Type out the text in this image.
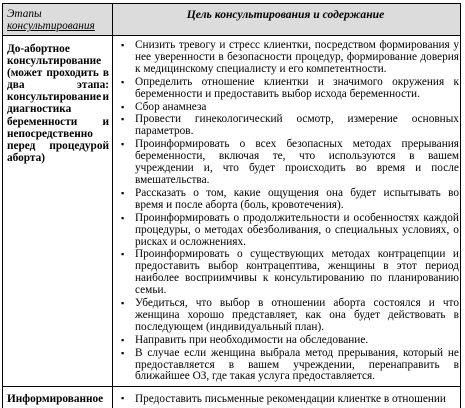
Этапы
консультирования
Цель консультирования и содержание
До-абортное
консультирование
(может проходить в
два	этапа:
консультирование и
диагностика
беременности и
непосредственно
перед процедурой
аборта)
▪ Снизить тревогу и стресс клиентки, посредством формирования у
нее уверенности в безопасности процедур, формирование доверия
к медицинскому специалисту и его компетентности.
▪ Определить отношение клиентки и значимого окружения к
беременности и предоставить выбор исхода беременности.
▪ Сбор анамнеза
▪ Провести гинекологический осмотр, измерение основных
параметров.
▪ Проинформировать о всех безопасных методах прерывания
беременности, включая те, что используются в вашем
учреждении и, что будет происходить во время и после
вмешательства.
▪ Рассказать о том, какие ощущения она будет испытывать во
время и после аборта (боль, кровотечения).
▪ Проинформировать о продолжительности и особенностях каждой
процедуры, о методах обезболивания, о специальных условиях, о
рисках и осложнениях.
▪ Проинформировать о существующих методах контрацепции и
предоставить выбор контрацептива, женщины в этот период
наиболее восприимчивы к консультированию по планированию
семьи.
▪ Убедиться, что выбор в отношении аборта состоялся и что
женщина хорошо представляет, как она будет действовать в
последующем (индивидуальный план).
▪ Направить при необходимости на обследование.
▪ В случае если женщина выбрала метод прерывания, который не
предоставляется в вашем учреждении, перенаправить в
ближайшее ОЗ, где такая услуга предоставляется.
Информированное	▪ Предоставить письменные рекомендации клиентке в отношении
